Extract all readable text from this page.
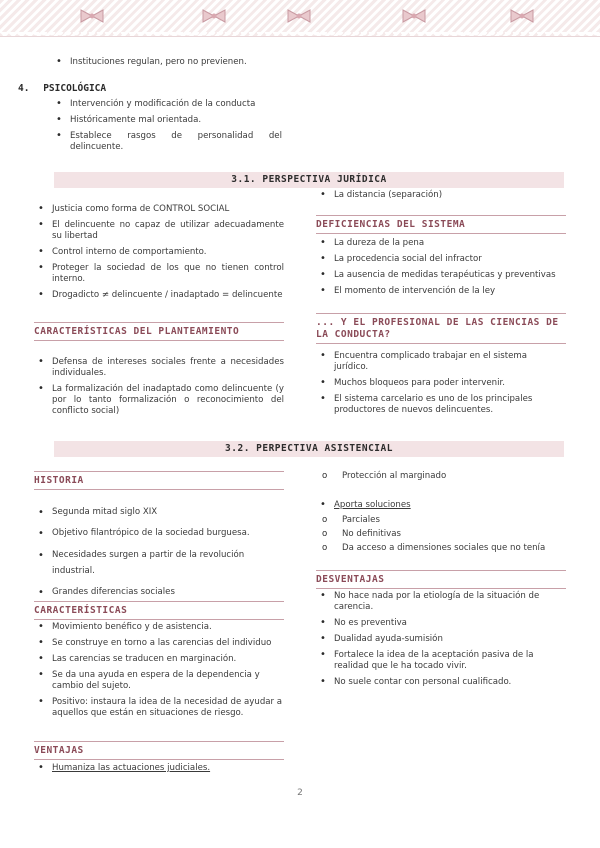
• Instituciones regulan, pero no previenen.
4. PSICOLÓGICA
• Intervención y modificación de la conducta
• Históricamente mal orientada.
• Establece rasgos de personalidad del delincuente.
3.1. PERSPECTIVA JURÍDICA
• Justicia como forma de CONTROL SOCIAL
• El delincuente no capaz de utilizar adecuadamente su libertad
• Control interno de comportamiento.
• Proteger la sociedad de los que no tienen control interno.
• Drogadicto ≠ delincuente / inadaptado = delincuente
CARACTERÍSTICAS DEL PLANTEAMIENTO
• Defensa de intereses sociales frente a necesidades individuales.
• La formalización del inadaptado como delincuente (y por lo tanto formalización o reconocimiento del conflicto social)
• La distancia (separación)
DEFICIENCIAS DEL SISTEMA
• La dureza de la pena
• La procedencia social del infractor
• La ausencia de medidas terapéuticas y preventivas
• El momento de intervención de la ley
... Y EL PROFESIONAL DE LAS CIENCIAS DE LA CONDUCTA?
• Encuentra complicado trabajar en el sistema jurídico.
• Muchos bloqueos para poder intervenir.
• El sistema carcelario es uno de los principales productores de nuevos delincuentes.
3.2. PERPECTIVA ASISTENCIAL
HISTORIA
• Segunda mitad siglo XIX
• Objetivo filantrópico de la sociedad burguesa.
• Necesidades surgen a partir de la revolución industrial.
• Grandes diferencias sociales
CARACTERÍSTICAS
• Movimiento benéfico y de asistencia.
• Se construye en torno a las carencias del individuo
• Las carencias se traducen en marginación.
• Se da una ayuda en espera de la dependencia y cambio del sujeto.
• Positivo: instaura la idea de la necesidad de ayudar a aquellos que están en situaciones de riesgo.
VENTAJAS
• Humaniza las actuaciones judiciales.
o Protección al marginado
• Aporta soluciones
o Parciales
o No definitivas
o Da acceso a dimensiones sociales que no tenía
DESVENTAJAS
• No hace nada por la etiología de la situación de carencia.
• No es preventiva
• Dualidad ayuda-sumisión
• Fortalece la idea de la aceptación pasiva de la realidad que le ha tocado vivir.
• No suele contar con personal cualificado.
2
